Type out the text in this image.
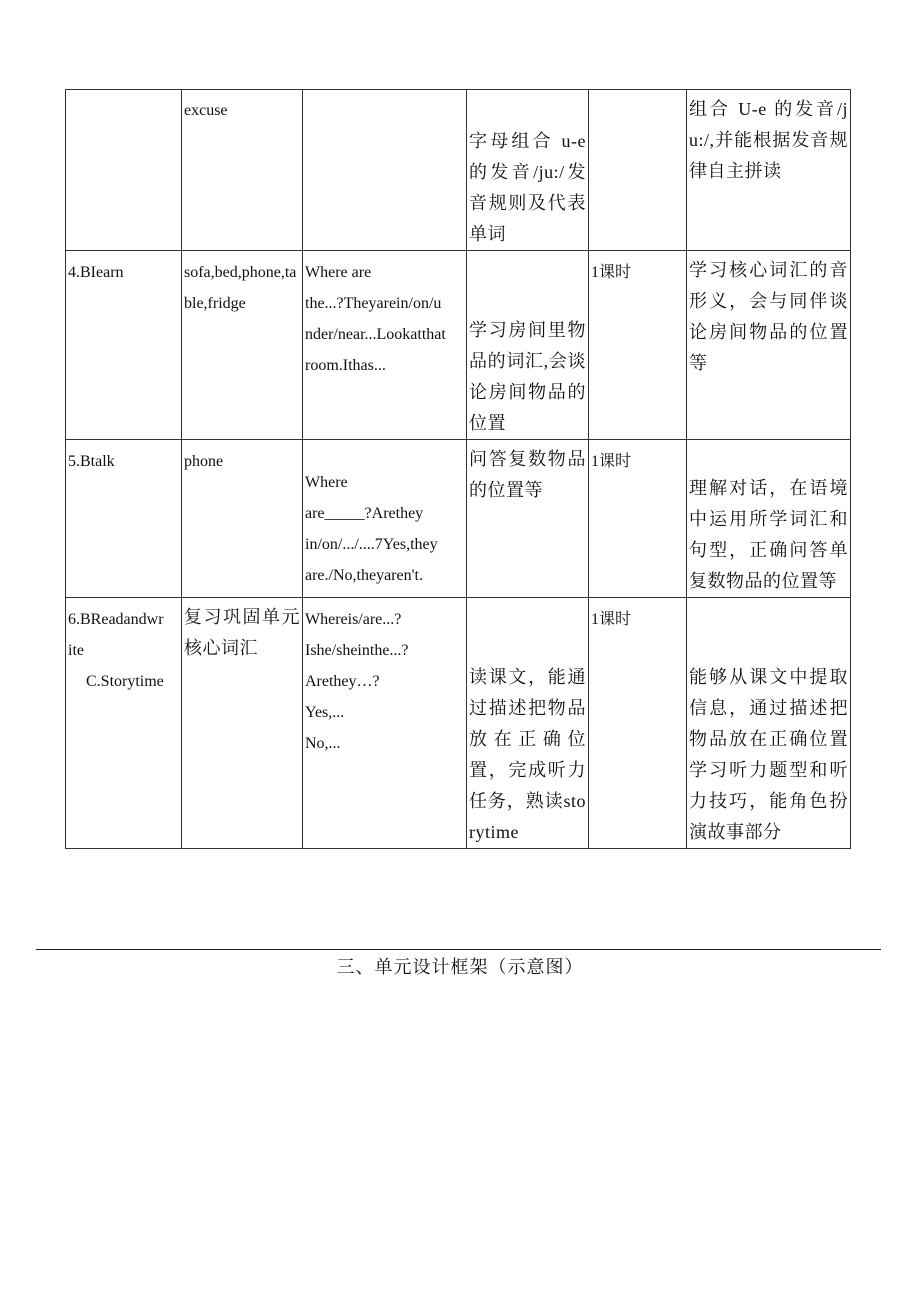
	excuse		字母组合 u-e 的发音/ju:/发音规则及代表单词		组合 U-e 的发音/ju:/,并能根据发音规律自主拼读

4.BIearn	sofa,bed,phone,table,fridge	Where are
the...?Theyarein/on/u
nder/near...Lookatthat
room.Ithas...	学习房间里物品的词汇,会谈论房间物品的位置	1课时	学习核心词汇的音形义，会与同伴谈论房间物品的位置等

5.Btalk	phone	Where
are_____?Arethey
in/on/.../....7Yes,they
are./No,theyaren't.	问答复数物品的位置等	1课时	理解对话，在语境中运用所学词汇和句型，正确问答单复数物品的位置等

6.BReadandwr
ite
C.Storytime	复习巩固单元核心词汇	Whereis/are...?
Ishe/sheinthe...?
Arethey…?
Yes,...
No,...	读课文，能通过描述把物品放在正确位置，完成听力任务，熟读storytime	1课时	能够从课文中提取信息，通过描述把物品放在正确位置学习听力题型和听力技巧，能角色扮演故事部分
三、单元设计框架（示意图）
